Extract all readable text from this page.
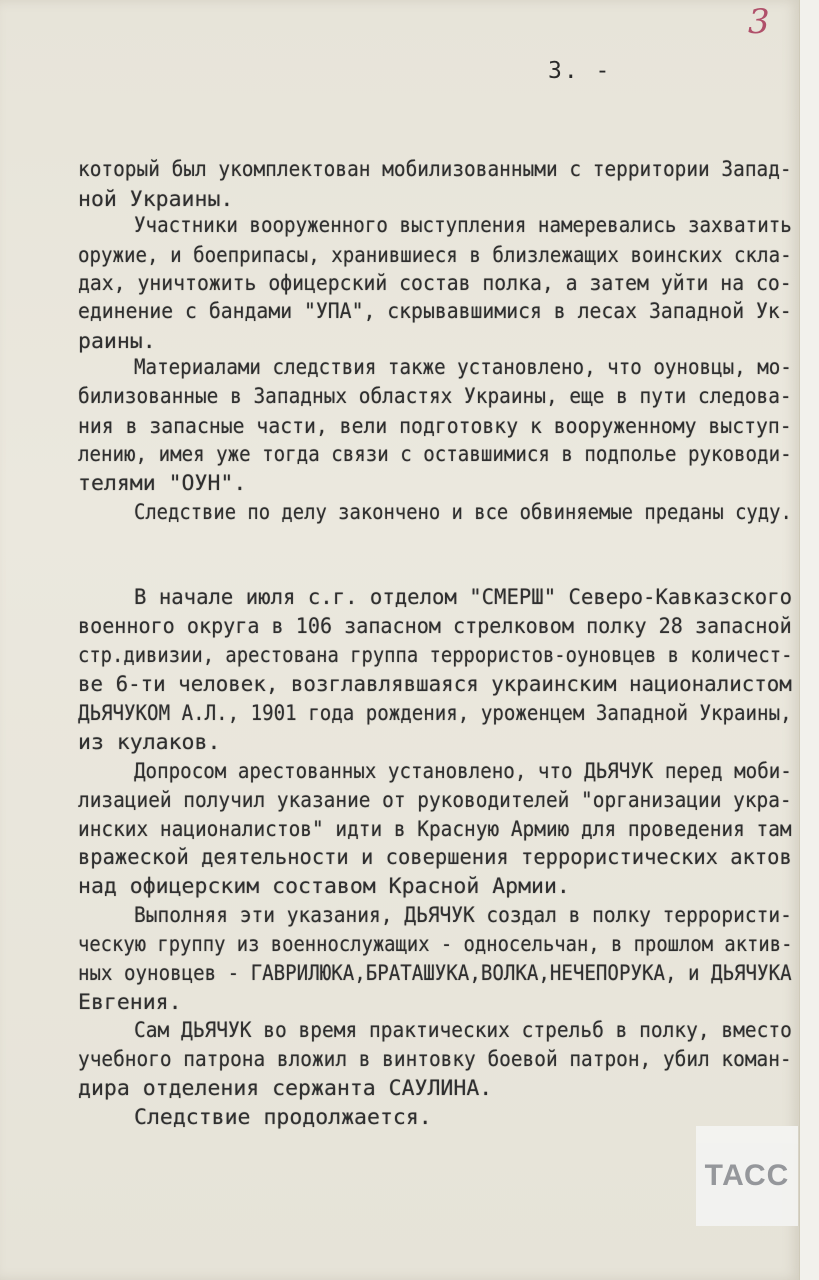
3
3. -
который был укомплектован мобилизованными с территории Запад-
ной Украины.
Участники вооруженного выступления намеревались захватить
оружие, и боеприпасы, хранившиеся в близлежащих воинских скла-
дах, уничтожить офицерский состав полка, а затем уйти на со-
единение с бандами "УПА", скрывавшимися в лесах Западной Ук-
раины.
Материалами следствия также установлено, что оуновцы, мо-
билизованные в Западных областях Украины, еще в пути следова-
ния в запасные части, вели подготовку к вооруженному выступ-
лению, имея уже тогда связи с оставшимися в подполье руководи-
телями "ОУН".
Следствие по делу закончено и все обвиняемые преданы суду.
В начале июля с.г. отделом "СМЕРШ" Северо-Кавказского
военного округа в 106 запасном стрелковом полку 28 запасной
стр.дивизии, арестована группа террористов-оуновцев в количест-
ве 6-ти человек, возглавлявшаяся украинским националистом
ДЬЯЧУКОМ А.Л., 1901 года рождения, уроженцем Западной Украины,
из кулаков.
Допросом арестованных установлено, что ДЬЯЧУК перед моби-
лизацией получил указание от руководителей "организации укра-
инских националистов" идти в Красную Армию для проведения там
вражеской деятельности и совершения террористических актов
над офицерским составом Красной Армии.
Выполняя эти указания, ДЬЯЧУК создал в полку террористи-
ческую группу из военнослужащих - односельчан, в прошлом актив-
ных оуновцев - ГАВРИЛЮКА,БРАТАШУКА,ВОЛКА,НЕЧЕПОРУКА, и ДЬЯЧУКА
Евгения.
Сам ДЬЯЧУК во время практических стрельб в полку, вместо
учебного патрона вложил в винтовку боевой патрон, убил коман-
дира отделения сержанта САУЛИНА.
Следствие продолжается.
ТАСС
